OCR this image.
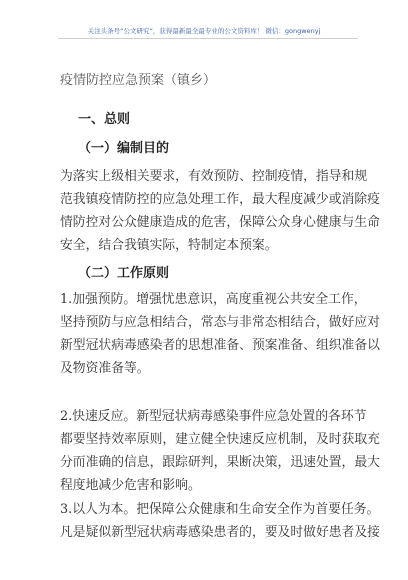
关注头条号“公文研究”，获得最新最全最专业的公文资料库！ 微信：gongwenyj
疫情防控应急预案（镇乡）
一、总则
（一）编制目的
为落实上级相关要求，有效预防、控制疫情，指导和规
范我镇疫情防控的应急处理工作，最大程度减少或消除疫
情防控对公众健康造成的危害，保障公众身心健康与生命
安全，结合我镇实际，特制定本预案。
（二）工作原则
1.加强预防。增强忧患意识，高度重视公共安全工作，
坚持预防与应急相结合，常态与非常态相结合，做好应对
新型冠状病毒感染者的思想准备、预案准备、组织准备以
及物资准备等。
2.快速反应。新型冠状病毒感染事件应急处置的各环节
都要坚持效率原则，建立健全快速反应机制，及时获取充
分而准确的信息，跟踪研判，果断决策，迅速处置，最大
程度地减少危害和影响。
3.以人为本。把保障公众健康和生命安全作为首要任务。
凡是疑似新型冠状病毒感染患者的，要及时做好患者及接
